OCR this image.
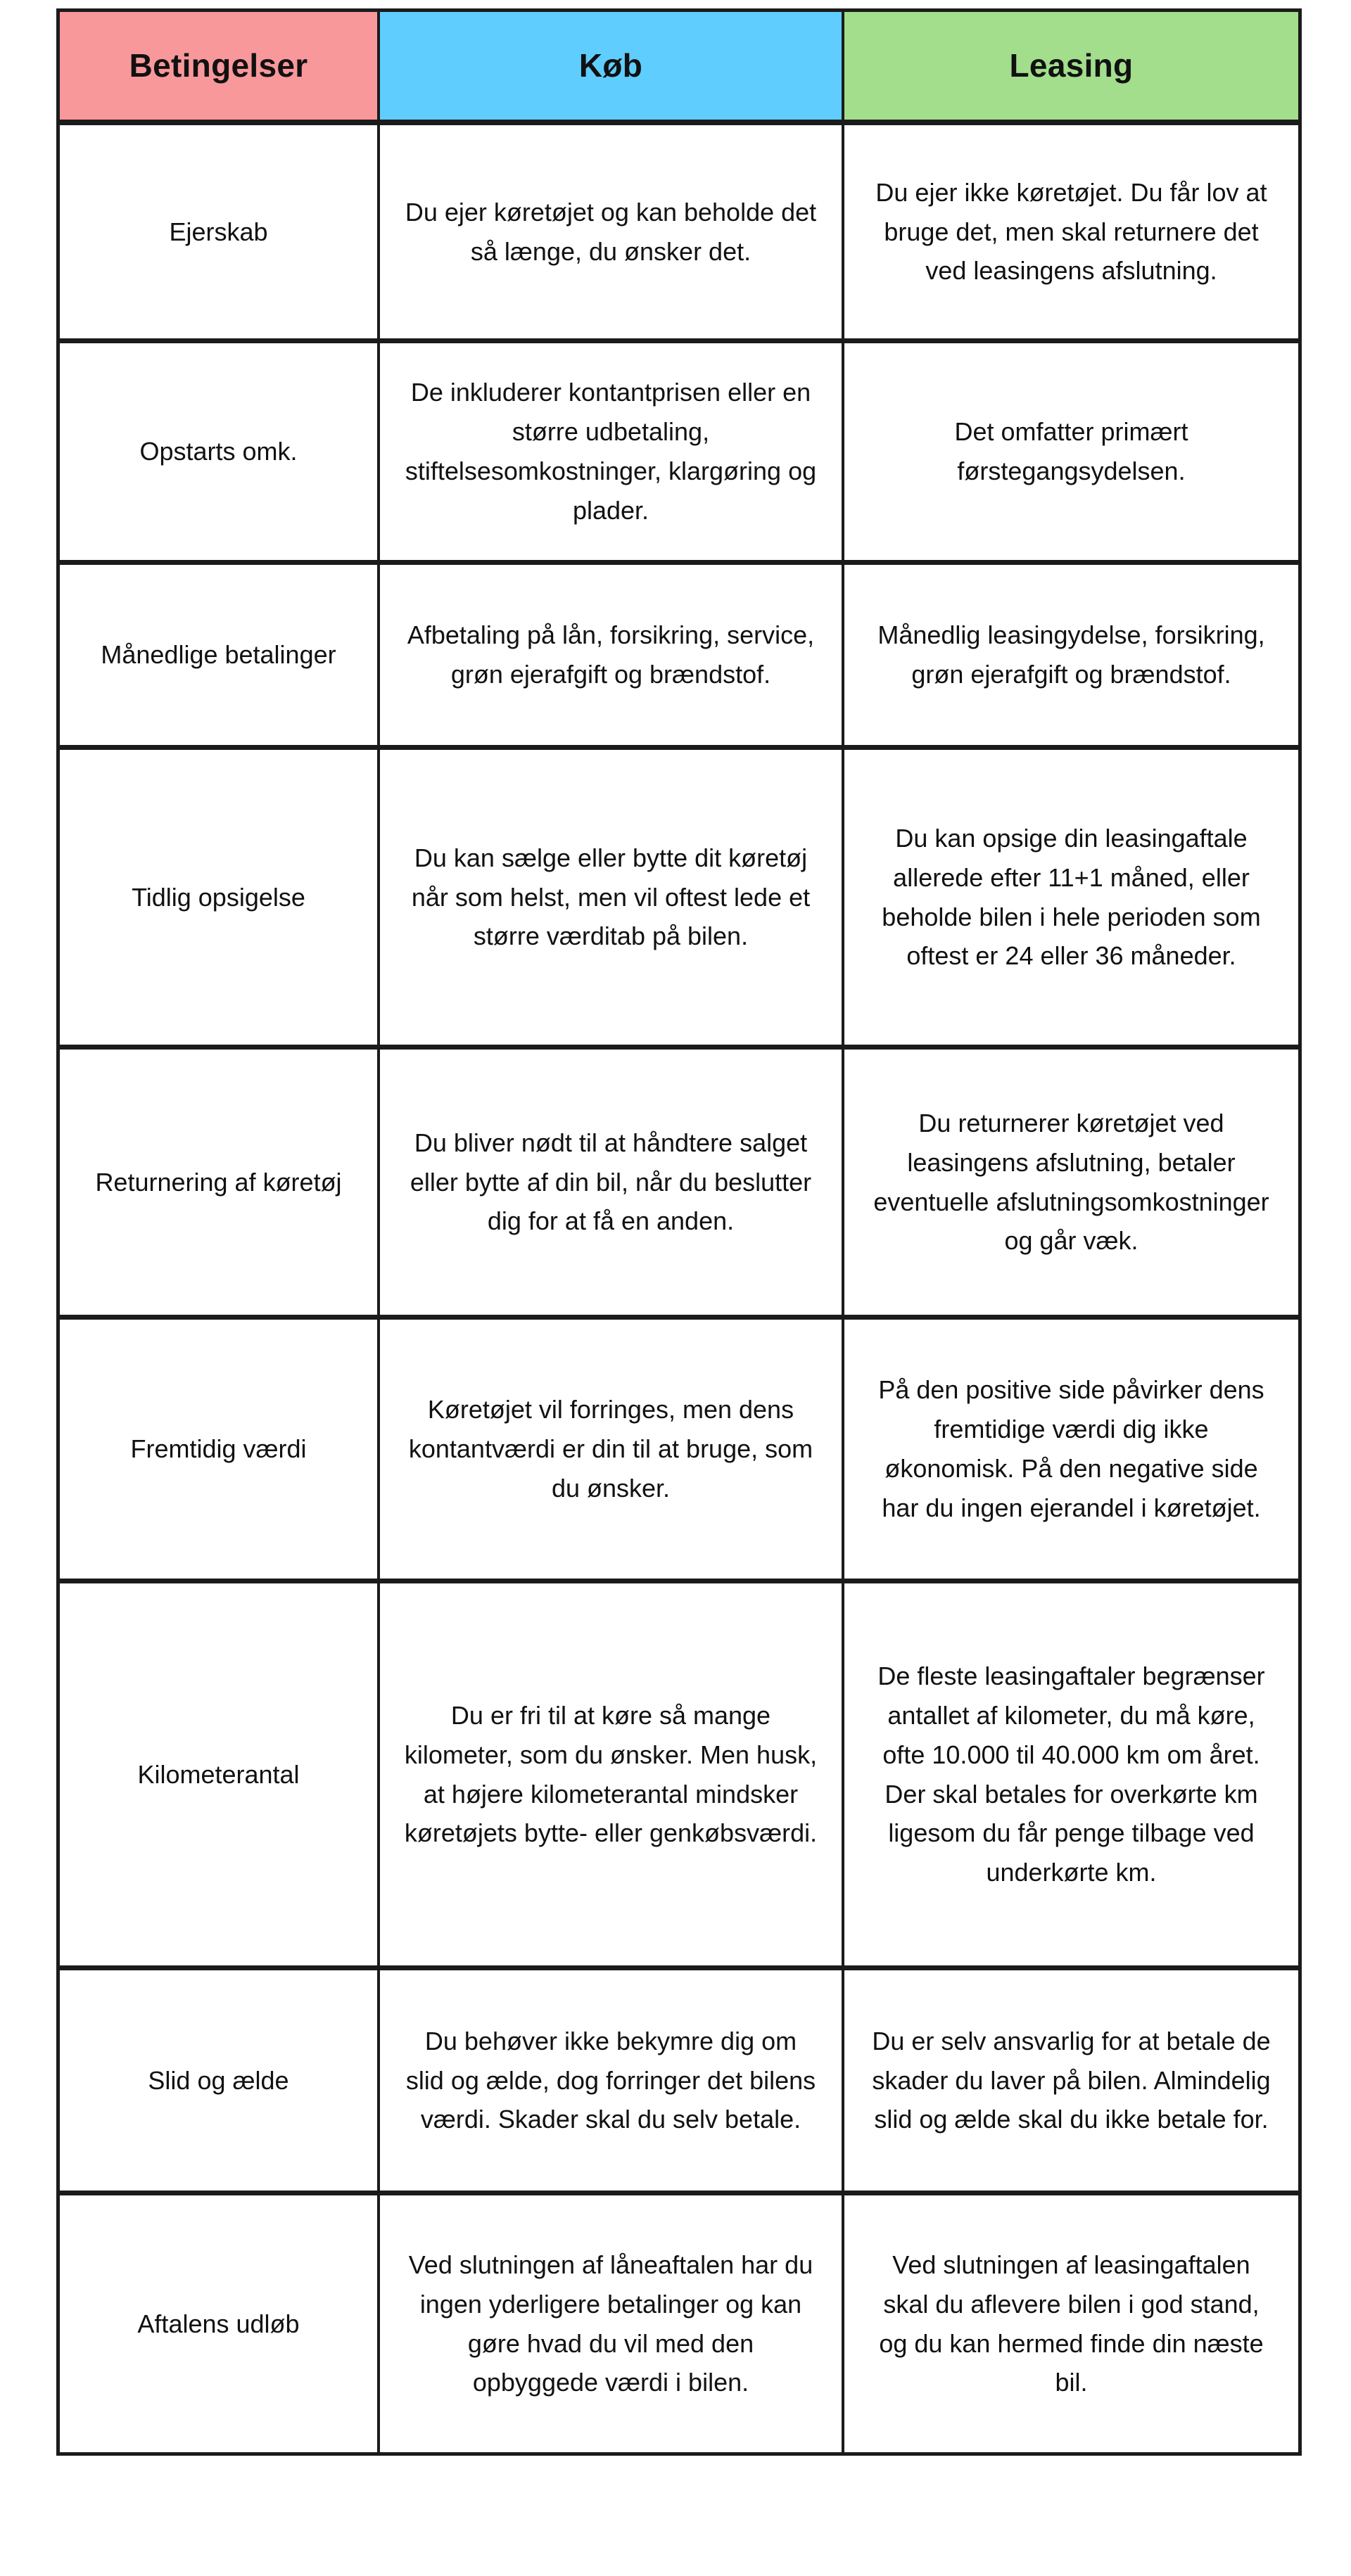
Betingelser	Køb	Leasing
Ejerskab
Du ejer køretøjet og kan beholde det så længe, du ønsker det.
Du ejer ikke køretøjet. Du får lov at bruge det, men skal returnere det ved leasingens afslutning.
Opstarts omk.
De inkluderer kontantprisen eller en større udbetaling, stiftelsesomkostninger, klargøring og plader.
Det omfatter primært førstegangsydelsen.
Månedlige betalinger
Afbetaling på lån, forsikring, service, grøn ejerafgift og brændstof.
Månedlig leasingydelse, forsikring, grøn ejerafgift og brændstof.
Tidlig opsigelse
Du kan sælge eller bytte dit køretøj når som helst, men vil oftest lede et større værditab på bilen.
Du kan opsige din leasingaftale allerede efter 11+1 måned, eller beholde bilen i hele perioden som oftest er 24 eller 36 måneder.
Returnering af køretøj
Du bliver nødt til at håndtere salget eller bytte af din bil, når du beslutter dig for at få en anden.
Du returnerer køretøjet ved leasingens afslutning, betaler eventuelle afslutningsomkostninger og går væk.
Fremtidig værdi
Køretøjet vil forringes, men dens kontantværdi er din til at bruge, som du ønsker.
På den positive side påvirker dens fremtidige værdi dig ikke økonomisk. På den negative side har du ingen ejerandel i køretøjet.
Kilometerantal
Du er fri til at køre så mange kilometer, som du ønsker. Men husk, at højere kilometerantal mindsker køretøjets bytte- eller genkøbsværdi.
De fleste leasingaftaler begrænser antallet af kilometer, du må køre, ofte 10.000 til 40.000 km om året. Der skal betales for overkørte km ligesom du får penge tilbage ved underkørte km.
Slid og ælde
Du behøver ikke bekymre dig om slid og ælde, dog forringer det bilens værdi. Skader skal du selv betale.
Du er selv ansvarlig for at betale de skader du laver på bilen. Almindelig slid og ælde skal du ikke betale for.
Aftalens udløb
Ved slutningen af låneaftalen har du ingen yderligere betalinger og kan gøre hvad du vil med den opbyggede værdi i bilen.
Ved slutningen af leasingaftalen skal du aflevere bilen i god stand, og du kan hermed finde din næste bil.
